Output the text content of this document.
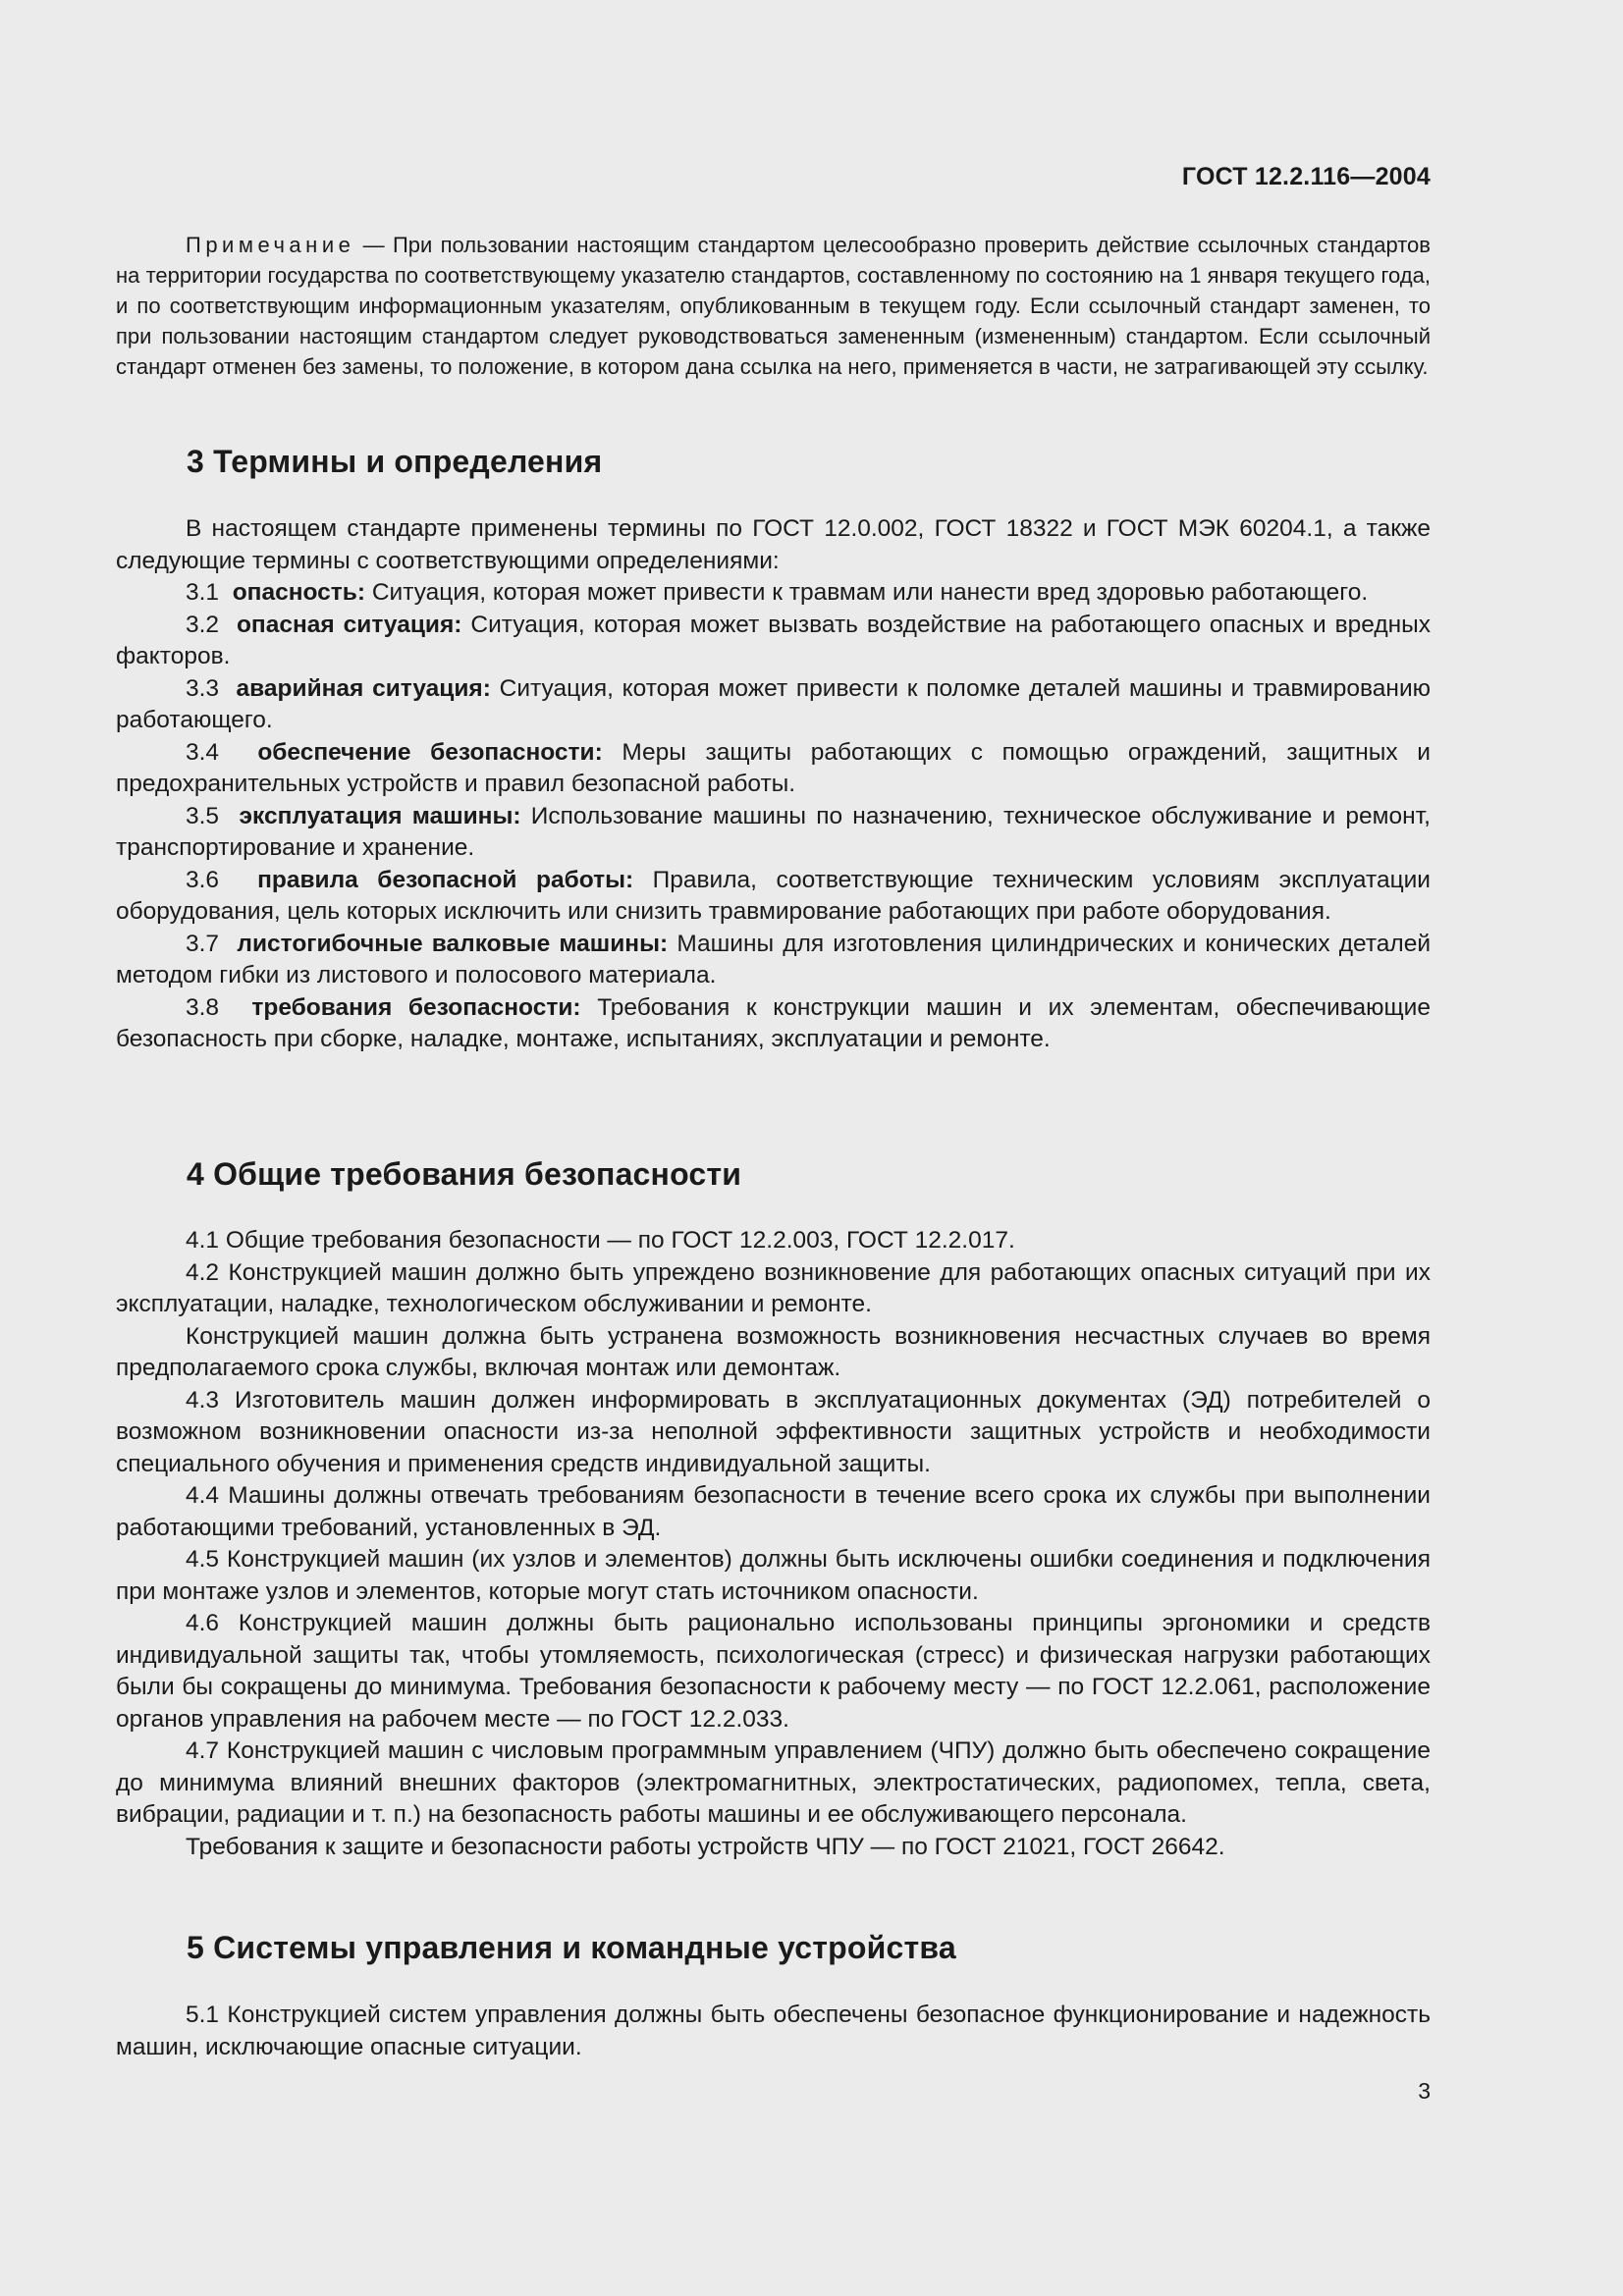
ГОСТ 12.2.116—2004

Примечание — При пользовании настоящим стандартом целесообразно проверить действие ссылочных стандартов на территории государства по соответствующему указателю стандартов, составленному по состоянию на 1 января текущего года, и по соответствующим информационным указателям, опубликованным в текущем году. Если ссылочный стандарт заменен, то при пользовании настоящим стандартом следует руководствоваться замененным (измененным) стандартом. Если ссылочный стандарт отменен без замены, то положение, в котором дана ссылка на него, применяется в части, не затрагивающей эту ссылку.

3 Термины и определения

В настоящем стандарте применены термины по ГОСТ 12.0.002, ГОСТ 18322 и ГОСТ МЭК 60204.1, а также следующие термины с соответствующими определениями:

3.1 опасность: Ситуация, которая может привести к травмам или нанести вред здоровью работающего.

3.2 опасная ситуация: Ситуация, которая может вызвать воздействие на работающего опасных и вредных факторов.

3.3 аварийная ситуация: Ситуация, которая может привести к поломке деталей машины и травмированию работающего.

3.4 обеспечение безопасности: Меры защиты работающих с помощью ограждений, защитных и предохранительных устройств и правил безопасной работы.

3.5 эксплуатация машины: Использование машины по назначению, техническое обслуживание и ремонт, транспортирование и хранение.

3.6 правила безопасной работы: Правила, соответствующие техническим условиям эксплуатации оборудования, цель которых исключить или снизить травмирование работающих при работе оборудования.

3.7 листогибочные валковые машины: Машины для изготовления цилиндрических и конических деталей методом гибки из листового и полосового материала.

3.8 требования безопасности: Требования к конструкции машин и их элементам, обеспечивающие безопасность при сборке, наладке, монтаже, испытаниях, эксплуатации и ремонте.

4 Общие требования безопасности

4.1 Общие требования безопасности — по ГОСТ 12.2.003, ГОСТ 12.2.017.

4.2 Конструкцией машин должно быть упреждено возникновение для работающих опасных ситуаций при их эксплуатации, наладке, технологическом обслуживании и ремонте.

Конструкцией машин должна быть устранена возможность возникновения несчастных случаев во время предполагаемого срока службы, включая монтаж или демонтаж.

4.3 Изготовитель машин должен информировать в эксплуатационных документах (ЭД) потребителей о возможном возникновении опасности из-за неполной эффективности защитных устройств и необходимости специального обучения и применения средств индивидуальной защиты.

4.4 Машины должны отвечать требованиям безопасности в течение всего срока их службы при выполнении работающими требований, установленных в ЭД.

4.5 Конструкцией машин (их узлов и элементов) должны быть исключены ошибки соединения и подключения при монтаже узлов и элементов, которые могут стать источником опасности.

4.6 Конструкцией машин должны быть рационально использованы принципы эргономики и средств индивидуальной защиты так, чтобы утомляемость, психологическая (стресс) и физическая нагрузки работающих были бы сокращены до минимума. Требования безопасности к рабочему месту — по ГОСТ 12.2.061, расположение органов управления на рабочем месте — по ГОСТ 12.2.033.

4.7 Конструкцией машин с числовым программным управлением (ЧПУ) должно быть обеспечено сокращение до минимума влияний внешних факторов (электромагнитных, электростатических, радиопомех, тепла, света, вибрации, радиации и т. п.) на безопасность работы машины и ее обслуживающего персонала.

Требования к защите и безопасности работы устройств ЧПУ — по ГОСТ 21021, ГОСТ 26642.

5 Системы управления и командные устройства

5.1 Конструкцией систем управления должны быть обеспечены безопасное функционирование и надежность машин, исключающие опасные ситуации.

3
